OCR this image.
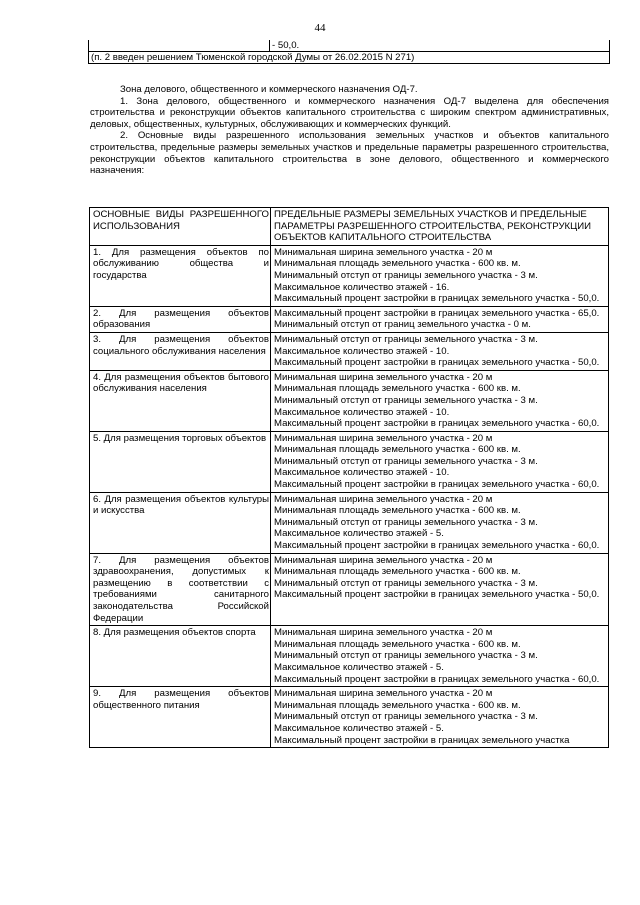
44
	- 50,0.
(п. 2 введен решением Тюменской городской Думы от 26.02.2015 N 271)

Зона делового, общественного и коммерческого назначения ОД-7.

1. Зона делового, общественного и коммерческого назначения ОД-7 выделена для обеспечения строительства и реконструкции объектов капитального строительства с широким спектром административных, деловых, общественных, культурных, обслуживающих и коммерческих функций.

2. Основные виды разрешенного использования земельных участков и объектов капитального строительства, предельные размеры земельных участков и предельные параметры разрешенного строительства, реконструкции объектов капитального строительства в зоне делового, общественного и коммерческого назначения:

ОСНОВНЫЕ ВИДЫ РАЗРЕШЕННОГО ИСПОЛЬЗОВАНИЯ	ПРЕДЕЛЬНЫЕ РАЗМЕРЫ ЗЕМЕЛЬНЫХ УЧАСТКОВ И ПРЕДЕЛЬНЫЕ ПАРАМЕТРЫ РАЗРЕШЕННОГО СТРОИТЕЛЬСТВА, РЕКОНСТРУКЦИИ ОБЪЕКТОВ КАПИТАЛЬНОГО СТРОИТЕЛЬСТВА
1. Для размещения объектов по обслуживанию общества и государства	Минимальная ширина земельного участка - 20 м
Минимальная площадь земельного участка - 600 кв. м.
Минимальный отступ от границы земельного участка - 3 м.
Максимальное количество этажей - 16.
Максимальный процент застройки в границах земельного участка - 50,0.

2. Для размещения объектов образования	Максимальный процент застройки в границах земельного участка - 65,0.
Минимальный отступ от границ земельного участка - 0 м.

3. Для размещения объектов социального обслуживания населения	Минимальный отступ от границы земельного участка - 3 м.
Максимальное количество этажей - 10.
Максимальный процент застройки в границах земельного участка - 50,0.

4. Для размещения объектов бытового обслуживания населения	Минимальная ширина земельного участка - 20 м
Минимальная площадь земельного участка - 600 кв. м.
Минимальный отступ от границы земельного участка - 3 м.
Максимальное количество этажей - 10.
Максимальный процент застройки в границах земельного участка - 60,0.

5. Для размещения торговых объектов	Минимальная ширина земельного участка - 20 м
Минимальная площадь земельного участка - 600 кв. м.
Минимальный отступ от границы земельного участка - 3 м.
Максимальное количество этажей - 10.
Максимальный процент застройки в границах земельного участка - 60,0.

6. Для размещения объектов культуры и искусства	Минимальная ширина земельного участка - 20 м
Минимальная площадь земельного участка - 600 кв. м.
Минимальный отступ от границы земельного участка - 3 м.
Максимальное количество этажей - 5.
Максимальный процент застройки в границах земельного участка - 60,0.

7. Для размещения объектов здравоохранения, допустимых к размещению в соответствии с требованиями санитарного законодательства Российской Федерации	Минимальная ширина земельного участка - 20 м
Минимальная площадь земельного участка - 600 кв. м.
Минимальный отступ от границы земельного участка - 3 м.
Максимальный процент застройки в границах земельного участка - 50,0.

8. Для размещения объектов спорта	Минимальная ширина земельного участка - 20 м
Минимальная площадь земельного участка - 600 кв. м.
Минимальный отступ от границы земельного участка - 3 м.
Максимальное количество этажей - 5.
Максимальный процент застройки в границах земельного участка - 60,0.

9. Для размещения объектов общественного питания	Минимальная ширина земельного участка - 20 м
Минимальная площадь земельного участка - 600 кв. м.
Минимальный отступ от границы земельного участка - 3 м.
Максимальное количество этажей - 5.
Максимальный процент застройки в границах земельного участка
